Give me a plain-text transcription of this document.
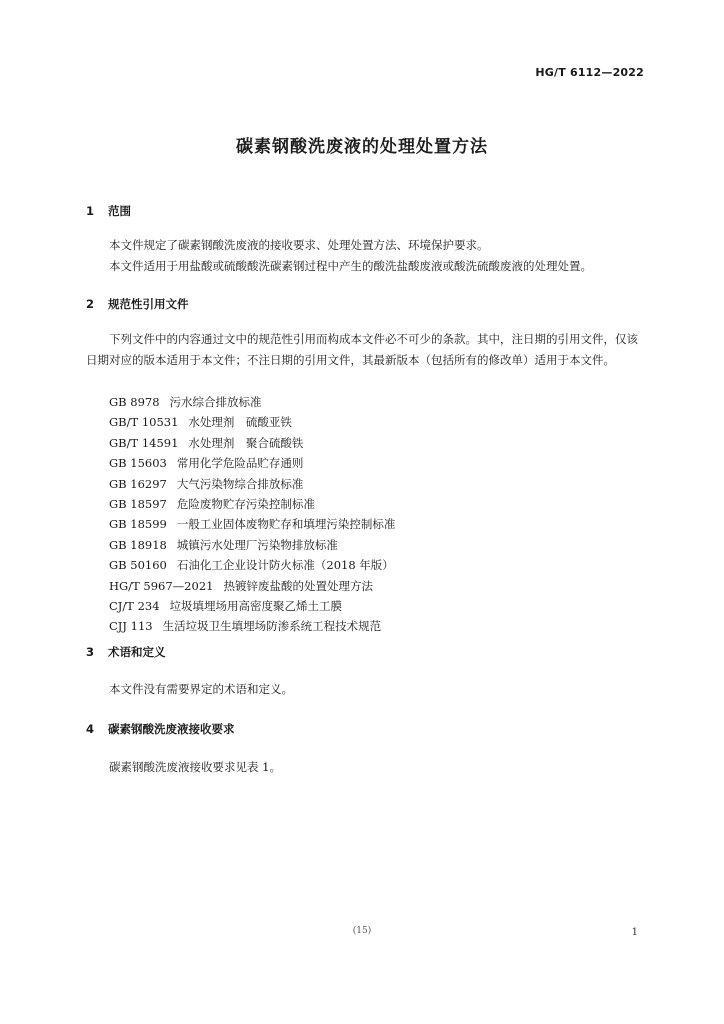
HG/T 6112—2022
碳素钢酸洗废液的处理处置方法
1 范围
本文件规定了碳素钢酸洗废液的接收要求、处理处置方法、环境保护要求。
本文件适用于用盐酸或硫酸酸洗碳素钢过程中产生的酸洗盐酸废液或酸洗硫酸废液的处理处置。
2 规范性引用文件
下列文件中的内容通过文中的规范性引用而构成本文件必不可少的条款。其中，注日期的引用文件，仅该日期对应的版本适用于本文件；不注日期的引用文件，其最新版本（包括所有的修改单）适用于本文件。
GB 8978 污水综合排放标准
GB/T 10531 水处理剂　硫酸亚铁
GB/T 14591 水处理剂　聚合硫酸铁
GB 15603 常用化学危险品贮存通则
GB 16297 大气污染物综合排放标准
GB 18597 危险废物贮存污染控制标准
GB 18599 一般工业固体废物贮存和填埋污染控制标准
GB 18918 城镇污水处理厂污染物排放标准
GB 50160 石油化工企业设计防火标准（2018 年版）
HG/T 5967—2021 热镀锌废盐酸的处置处理方法
CJ/T 234 垃圾填埋场用高密度聚乙烯土工膜
CJJ 113 生活垃圾卫生填埋场防渗系统工程技术规范
3 术语和定义
本文件没有需要界定的术语和定义。
4 碳素钢酸洗废液接收要求
碳素钢酸洗废液接收要求见表 1。
(15)	1
